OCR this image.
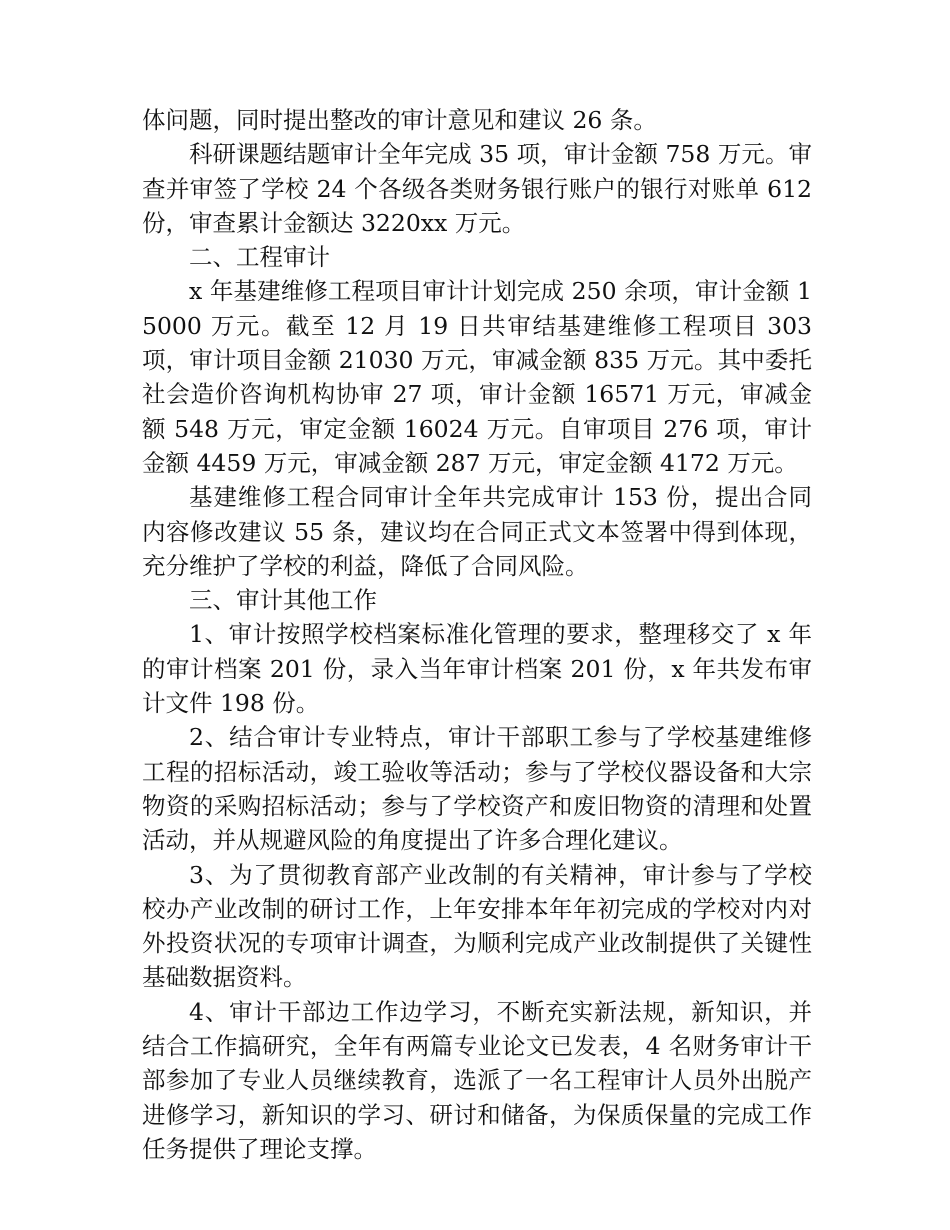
体问题，同时提出整改的审计意见和建议 26 条。

科研课题结题审计全年完成 35 项，审计金额 758 万元。审查并审签了学校 24 个各级各类财务银行账户的银行对账单 612 份，审查累计金额达 3220xx 万元。

二、工程审计

x 年基建维修工程项目审计计划完成 250 余项，审计金额 15000 万元。截至 12 月 19 日共审结基建维修工程项目 303 项，审计项目金额 21030 万元，审减金额 835 万元。其中委托社会造价咨询机构协审 27 项，审计金额 16571 万元，审减金额 548 万元，审定金额 16024 万元。自审项目 276 项，审计金额 4459 万元，审减金额 287 万元，审定金额 4172 万元。

基建维修工程合同审计全年共完成审计 153 份，提出合同内容修改建议 55 条，建议均在合同正式文本签署中得到体现，充分维护了学校的利益，降低了合同风险。

三、审计其他工作

1、审计按照学校档案标准化管理的要求，整理移交了 x 年的审计档案 201 份，录入当年审计档案 201 份，x 年共发布审计文件 198 份。

2、结合审计专业特点，审计干部职工参与了学校基建维修工程的招标活动，竣工验收等活动；参与了学校仪器设备和大宗物资的采购招标活动；参与了学校资产和废旧物资的清理和处置活动，并从规避风险的角度提出了许多合理化建议。

3、为了贯彻教育部产业改制的有关精神，审计参与了学校校办产业改制的研讨工作，上年安排本年年初完成的学校对内对外投资状况的专项审计调查，为顺利完成产业改制提供了关键性基础数据资料。

4、审计干部边工作边学习，不断充实新法规，新知识，并结合工作搞研究，全年有两篇专业论文已发表，4 名财务审计干部参加了专业人员继续教育，选派了一名工程审计人员外出脱产进修学习，新知识的学习、研讨和储备，为保质保量的完成工作任务提供了理论支撑。
